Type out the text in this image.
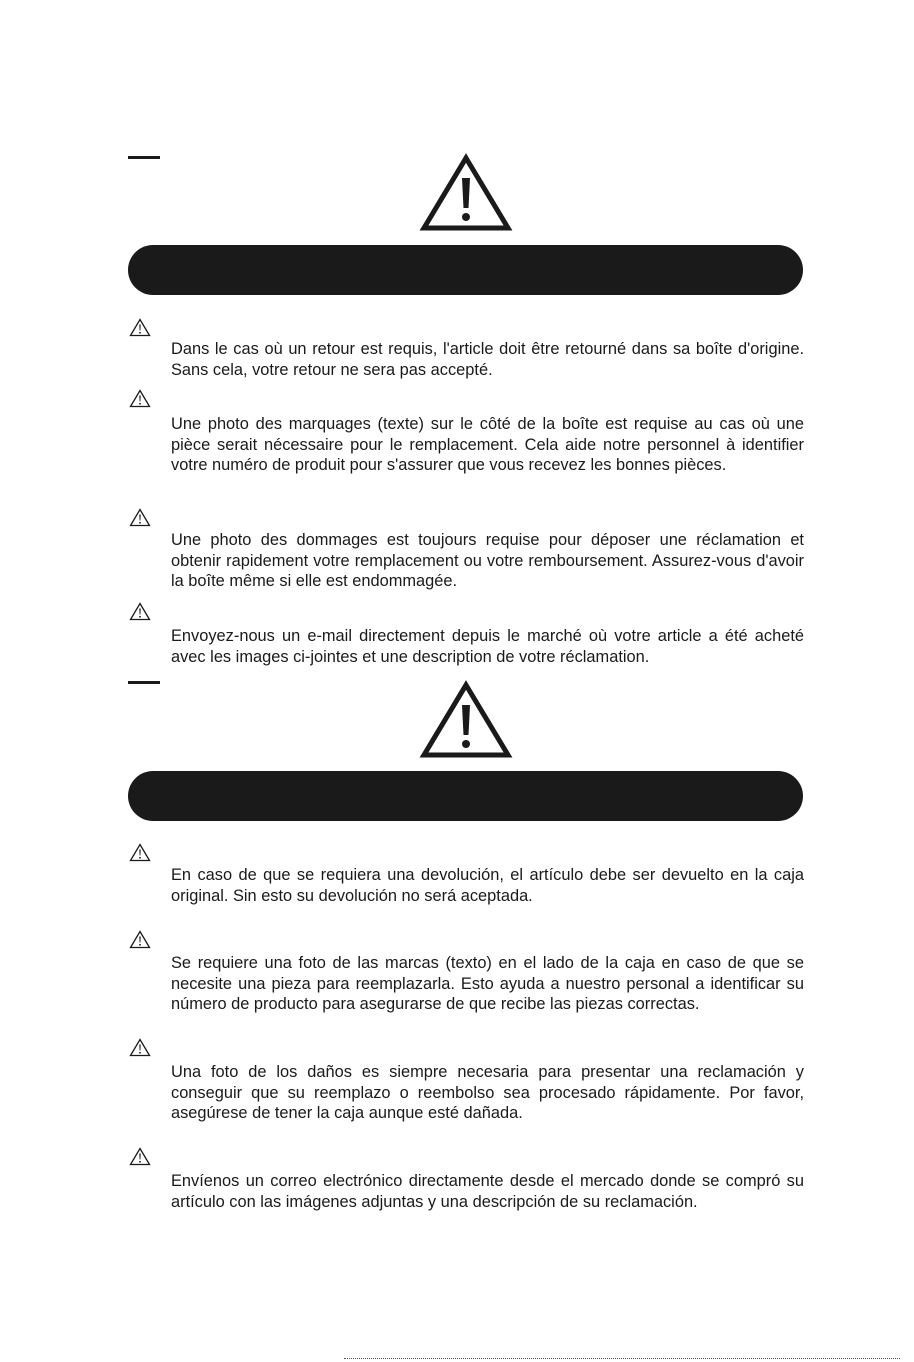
Dans le cas où un retour est requis, l'article doit être retourné dans sa boîte d'origine. Sans cela, votre retour ne sera pas accepté.

Une photo des marquages (texte) sur le côté de la boîte est requise au cas où une pièce serait nécessaire pour le remplacement. Cela aide notre personnel à identifier votre numéro de produit pour s'assurer que vous recevez les bonnes pièces.

Une photo des dommages est toujours requise pour déposer une réclamation et obtenir rapidement votre remplacement ou votre remboursement. Assurez-vous d'avoir la boîte même si elle est endommagée.

Envoyez-nous un e-mail directement depuis le marché où votre article a été acheté avec les images ci-jointes et une description de votre réclamation.

En caso de que se requiera una devolución, el artículo debe ser devuelto en la caja original. Sin esto su devolución no será aceptada.

Se requiere una foto de las marcas (texto) en el lado de la caja en caso de que se necesite una pieza para reemplazarla. Esto ayuda a nuestro personal a identificar su número de producto para asegurarse de que recibe las piezas correctas.

Una foto de los daños es siempre necesaria para presentar una reclamación y conseguir que su reemplazo o reembolso sea procesado rápidamente. Por favor, asegúrese de tener la caja aunque esté dañada.

Envíenos un correo electrónico directamente desde el mercado donde se compró su artículo con las imágenes adjuntas y una descripción de su reclamación.
